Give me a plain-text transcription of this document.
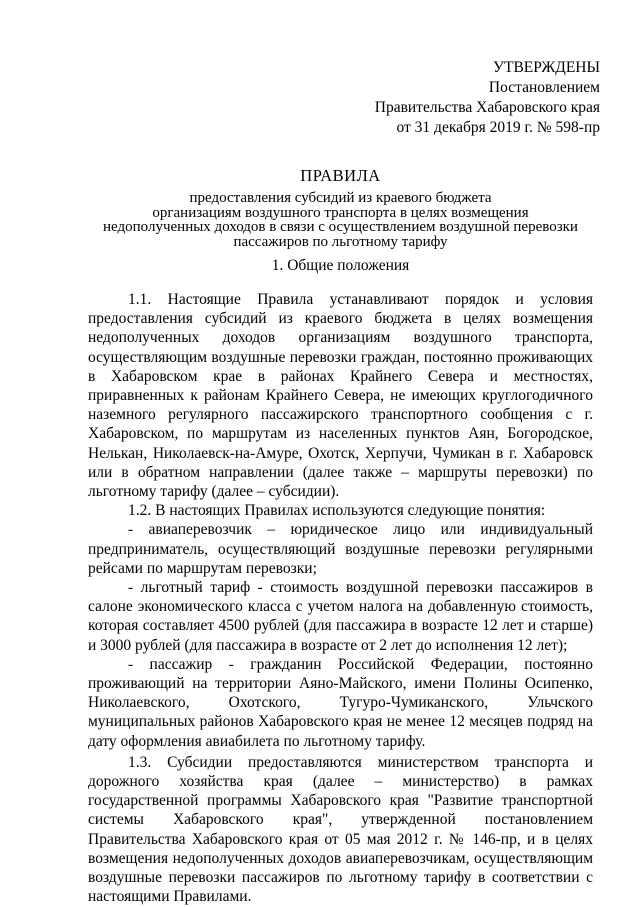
УТВЕРЖДЕНЫ
Постановлением
Правительства Хабаровского края
от 31 декабря 2019 г. № 598-пр
ПРАВИЛА
предоставления субсидий из краевого бюджета
организациям воздушного транспорта в целях возмещения
недополученных доходов в связи с осуществлением воздушной перевозки
пассажиров по льготному тарифу
1. Общие положения

1.1. Настоящие Правила устанавливают порядок и условия предоставления субсидий из краевого бюджета в целях возмещения недополученных доходов организациям воздушного транспорта, осуществляющим воздушные перевозки граждан, постоянно проживающих в Хабаровском крае в районах Крайнего Севера и местностях, приравненных к районам Крайнего Севера, не имеющих круглогодичного наземного регулярного пассажирского транспортного сообщения с г. Хабаровском, по маршрутам из населенных пунктов Аян, Богородское, Нелькан, Николаевск-на-Амуре, Охотск, Херпучи, Чумикан в г. Хабаровск или в обратном направлении (далее также – маршруты перевозки) по льготному тарифу (далее – субсидии).

1.2. В настоящих Правилах используются следующие понятия:

- авиаперевозчик – юридическое лицо или индивидуальный предприниматель, осуществляющий воздушные перевозки регулярными рейсами по маршрутам перевозки;

- льготный тариф - стоимость воздушной перевозки пассажиров в салоне экономического класса с учетом налога на добавленную стоимость, которая составляет 4500 рублей (для пассажира в возрасте 12 лет и старше) и 3000 рублей (для пассажира в возрасте от 2 лет до исполнения 12 лет);

- пассажир - гражданин Российской Федерации, постоянно проживающий на территории Аяно-Майского, имени Полины Осипенко, Николаевского, Охотского, Тугуро-Чумиканского, Ульчского муниципальных районов Хабаровского края не менее 12 месяцев подряд на дату оформления авиабилета по льготному тарифу.

1.3. Субсидии предоставляются министерством транспорта и дорожного хозяйства края (далее – министерство) в рамках государственной программы Хабаровского края "Развитие транспортной системы Хабаровского края", утвержденной постановлением Правительства Хабаровского края от 05 мая 2012 г. № 146-пр, и в целях возмещения недополученных доходов авиаперевозчикам, осуществляющим воздушные перевозки пассажиров по льготному тарифу в соответствии с настоящими Правилами.
